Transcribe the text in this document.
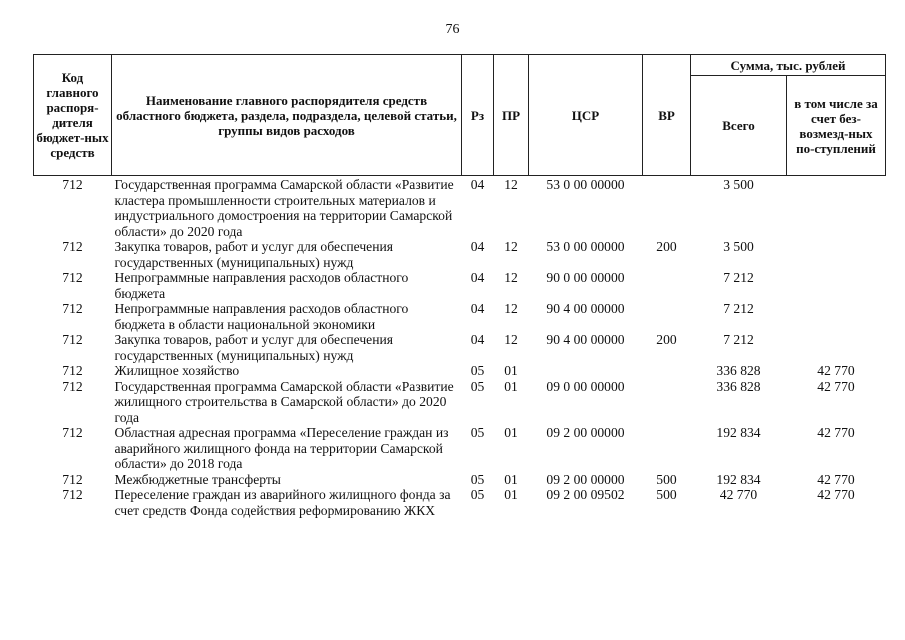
76
Код главного распоря-дителя бюджет-ных средств	Наименование главного распорядителя средств областного бюджета, раздела, подраздела, целевой статьи, группы видов расходов	Рз	ПР	ЦСР	ВР	Сумма, тыс. рублей	
						Всего	в том числе за счет без-возмезд-ных по-ступлений
712	Государственная программа Самарской области «Развитие кластера промышленности строительных материалов и индустриального домостроения на территории Самарской области» до 2020 года	04	12	53 0 00 00000		3 500	
712	Закупка товаров, работ и услуг для обеспечения государственных (муниципальных) нужд	04	12	53 0 00 00000	200	3 500	
712	Непрограммные направления расходов областного бюджета	04	12	90 0 00 00000		7 212	
712	Непрограммные направления расходов областного бюджета в области национальной экономики	04	12	90 4 00 00000		7 212	
712	Закупка товаров, работ и услуг для обеспечения государственных (муниципальных) нужд	04	12	90 4 00 00000	200	7 212	
712	Жилищное хозяйство	05	01			336 828	42 770
712	Государственная программа Самарской области «Развитие жилищного строительства в Самарской области» до 2020 года	05	01	09 0 00 00000		336 828	42 770
712	Областная адресная программа «Переселение граждан из аварийного жилищного фонда на территории Самарской области» до 2018 года	05	01	09 2 00 00000		192 834	42 770
712	Межбюджетные трансферты	05	01	09 2 00 00000	500	192 834	42 770
712	Переселение граждан из аварийного жилищного фонда за счет средств Фонда содействия реформированию ЖКХ	05	01	09 2 00 09502	500	42 770	42 770
